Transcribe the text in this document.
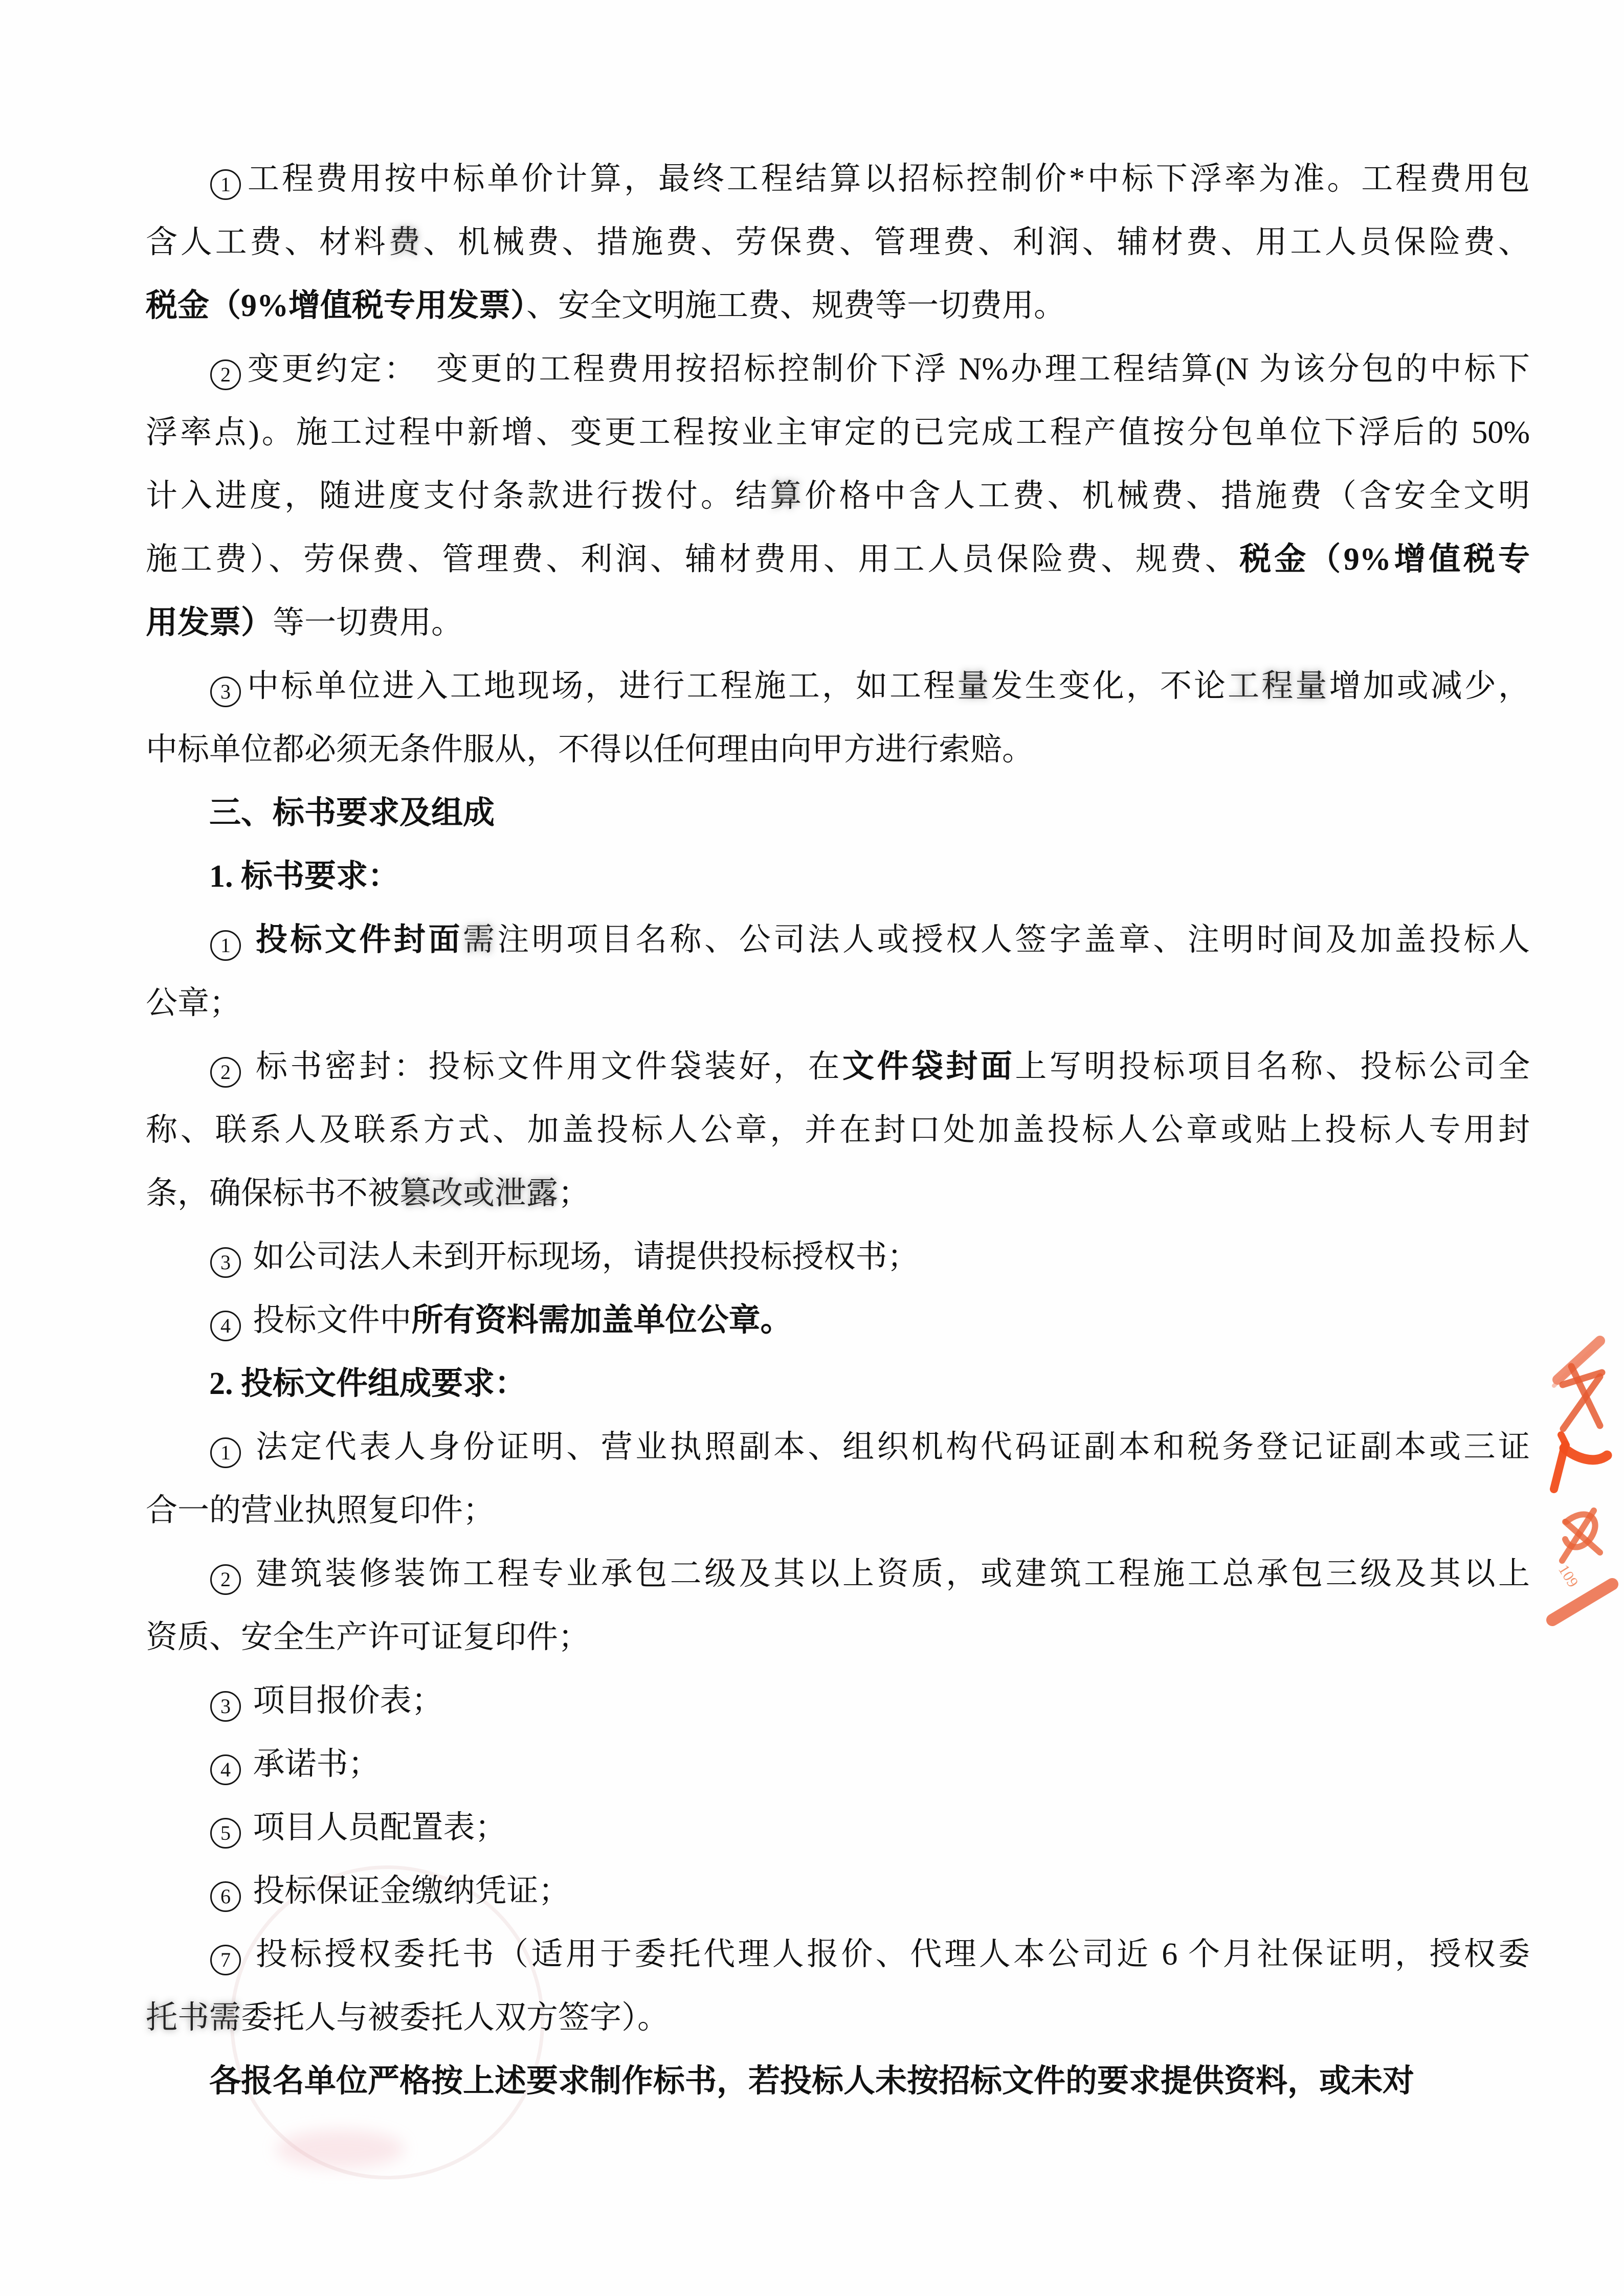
1 工程费用按中标单价计算，最终工程结算以招标控制价*中标下浮率为准。工程费用包
含人工费、材料费、机械费、措施费、劳保费、管理费、利润、辅材费、用工人员保险费、
税金（9%增值税专用发票）、安全文明施工费、规费等一切费用。
2 变更约定：　变更的工程费用按招标控制价下浮 N%办理工程结算(N 为该分包的中标下
浮率点)。施工过程中新增、变更工程按业主审定的已完成工程产值按分包单位下浮后的 50%
计入进度，随进度支付条款进行拨付。结算价格中含人工费、机械费、措施费（含安全文明
施工费）、劳保费、管理费、利润、辅材费用、用工人员保险费、规费、税金（9%增值税专
用发票）等一切费用。
3 中标单位进入工地现场，进行工程施工，如工程量发生变化，不论工程量增加或减少，
中标单位都必须无条件服从，不得以任何理由向甲方进行索赔。
三、标书要求及组成
1. 标书要求：
1 投标文件封面需注明项目名称、公司法人或授权人签字盖章、注明时间及加盖投标人
公章；
2 标书密封：投标文件用文件袋装好，在文件袋封面上写明投标项目名称、投标公司全
称、联系人及联系方式、加盖投标人公章，并在封口处加盖投标人公章或贴上投标人专用封
条，确保标书不被篡改或泄露；
3 如公司法人未到开标现场，请提供投标授权书；
4 投标文件中所有资料需加盖单位公章。
2. 投标文件组成要求：
1 法定代表人身份证明、营业执照副本、组织机构代码证副本和税务登记证副本或三证
合一的营业执照复印件；
2 建筑装修装饰工程专业承包二级及其以上资质，或建筑工程施工总承包三级及其以上
资质、安全生产许可证复印件；
3 项目报价表；
4 承诺书；
5 项目人员配置表；
6 投标保证金缴纳凭证；
7 投标授权委托书（适用于委托代理人报价、代理人本公司近 6 个月社保证明，授权委
托书需委托人与被委托人双方签字）。
各报名单位严格按上述要求制作标书，若投标人未按招标文件的要求提供资料，或未对
109
